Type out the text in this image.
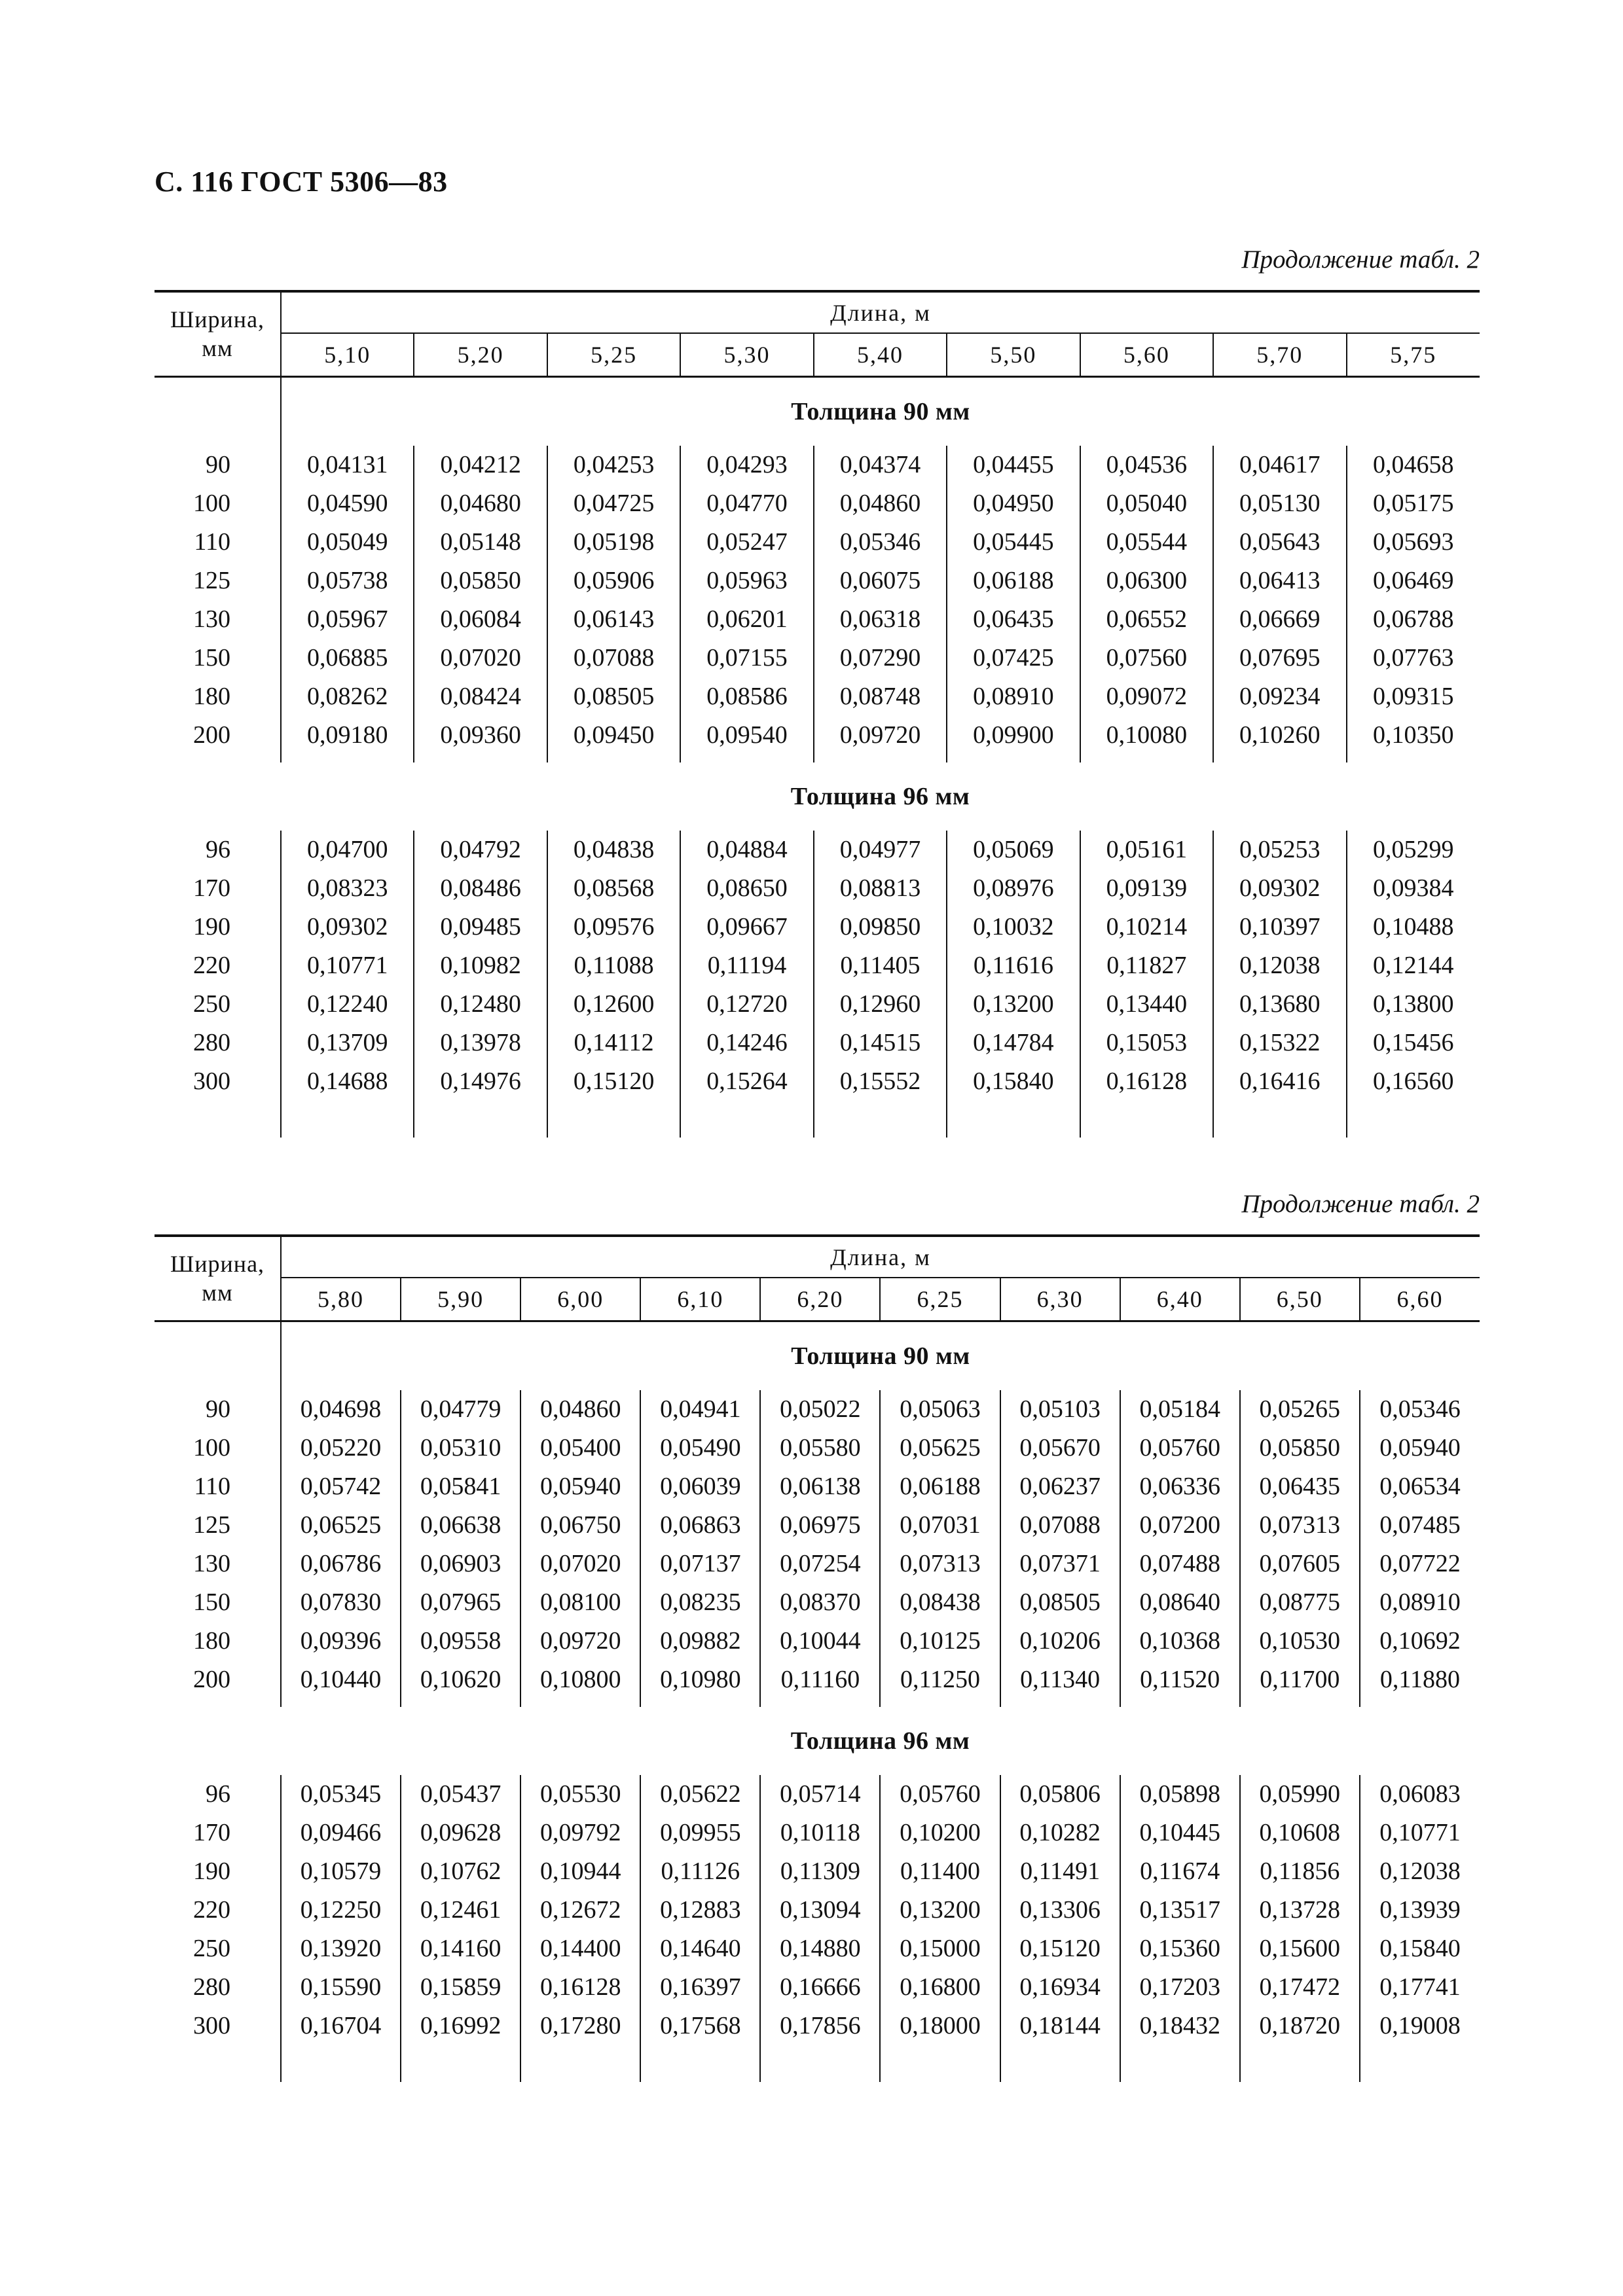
С. 116 ГОСТ 5306—83
Продолжение табл. 2
Ширина, мм	Длина, м								
	5,10	5,20	5,25	5,30	5,40	5,50	5,60	5,70	5,75
	Толщина 90 мм								
90	0,04131	0,04212	0,04253	0,04293	0,04374	0,04455	0,04536	0,04617	0,04658
100	0,04590	0,04680	0,04725	0,04770	0,04860	0,04950	0,05040	0,05130	0,05175
110	0,05049	0,05148	0,05198	0,05247	0,05346	0,05445	0,05544	0,05643	0,05693
125	0,05738	0,05850	0,05906	0,05963	0,06075	0,06188	0,06300	0,06413	0,06469
130	0,05967	0,06084	0,06143	0,06201	0,06318	0,06435	0,06552	0,06669	0,06788
150	0,06885	0,07020	0,07088	0,07155	0,07290	0,07425	0,07560	0,07695	0,07763
180	0,08262	0,08424	0,08505	0,08586	0,08748	0,08910	0,09072	0,09234	0,09315
200	0,09180	0,09360	0,09450	0,09540	0,09720	0,09900	0,10080	0,10260	0,10350

	Толщина 96 мм								
96	0,04700	0,04792	0,04838	0,04884	0,04977	0,05069	0,05161	0,05253	0,05299
170	0,08323	0,08486	0,08568	0,08650	0,08813	0,08976	0,09139	0,09302	0,09384
190	0,09302	0,09485	0,09576	0,09667	0,09850	0,10032	0,10214	0,10397	0,10488
220	0,10771	0,10982	0,11088	0,11194	0,11405	0,11616	0,11827	0,12038	0,12144
250	0,12240	0,12480	0,12600	0,12720	0,12960	0,13200	0,13440	0,13680	0,13800
280	0,13709	0,13978	0,14112	0,14246	0,14515	0,14784	0,15053	0,15322	0,15456
300	0,14688	0,14976	0,15120	0,15264	0,15552	0,15840	0,16128	0,16416	0,16560

Продолжение табл. 2
Ширина, мм	Длина, м									
	5,80	5,90	6,00	6,10	6,20	6,25	6,30	6,40	6,50	6,60
	Толщина 90 мм									
90	0,04698	0,04779	0,04860	0,04941	0,05022	0,05063	0,05103	0,05184	0,05265	0,05346
100	0,05220	0,05310	0,05400	0,05490	0,05580	0,05625	0,05670	0,05760	0,05850	0,05940
110	0,05742	0,05841	0,05940	0,06039	0,06138	0,06188	0,06237	0,06336	0,06435	0,06534
125	0,06525	0,06638	0,06750	0,06863	0,06975	0,07031	0,07088	0,07200	0,07313	0,07485
130	0,06786	0,06903	0,07020	0,07137	0,07254	0,07313	0,07371	0,07488	0,07605	0,07722
150	0,07830	0,07965	0,08100	0,08235	0,08370	0,08438	0,08505	0,08640	0,08775	0,08910
180	0,09396	0,09558	0,09720	0,09882	0,10044	0,10125	0,10206	0,10368	0,10530	0,10692
200	0,10440	0,10620	0,10800	0,10980	0,11160	0,11250	0,11340	0,11520	0,11700	0,11880

	Толщина 96 мм									
96	0,05345	0,05437	0,05530	0,05622	0,05714	0,05760	0,05806	0,05898	0,05990	0,06083
170	0,09466	0,09628	0,09792	0,09955	0,10118	0,10200	0,10282	0,10445	0,10608	0,10771
190	0,10579	0,10762	0,10944	0,11126	0,11309	0,11400	0,11491	0,11674	0,11856	0,12038
220	0,12250	0,12461	0,12672	0,12883	0,13094	0,13200	0,13306	0,13517	0,13728	0,13939
250	0,13920	0,14160	0,14400	0,14640	0,14880	0,15000	0,15120	0,15360	0,15600	0,15840
280	0,15590	0,15859	0,16128	0,16397	0,16666	0,16800	0,16934	0,17203	0,17472	0,17741
300	0,16704	0,16992	0,17280	0,17568	0,17856	0,18000	0,18144	0,18432	0,18720	0,19008
